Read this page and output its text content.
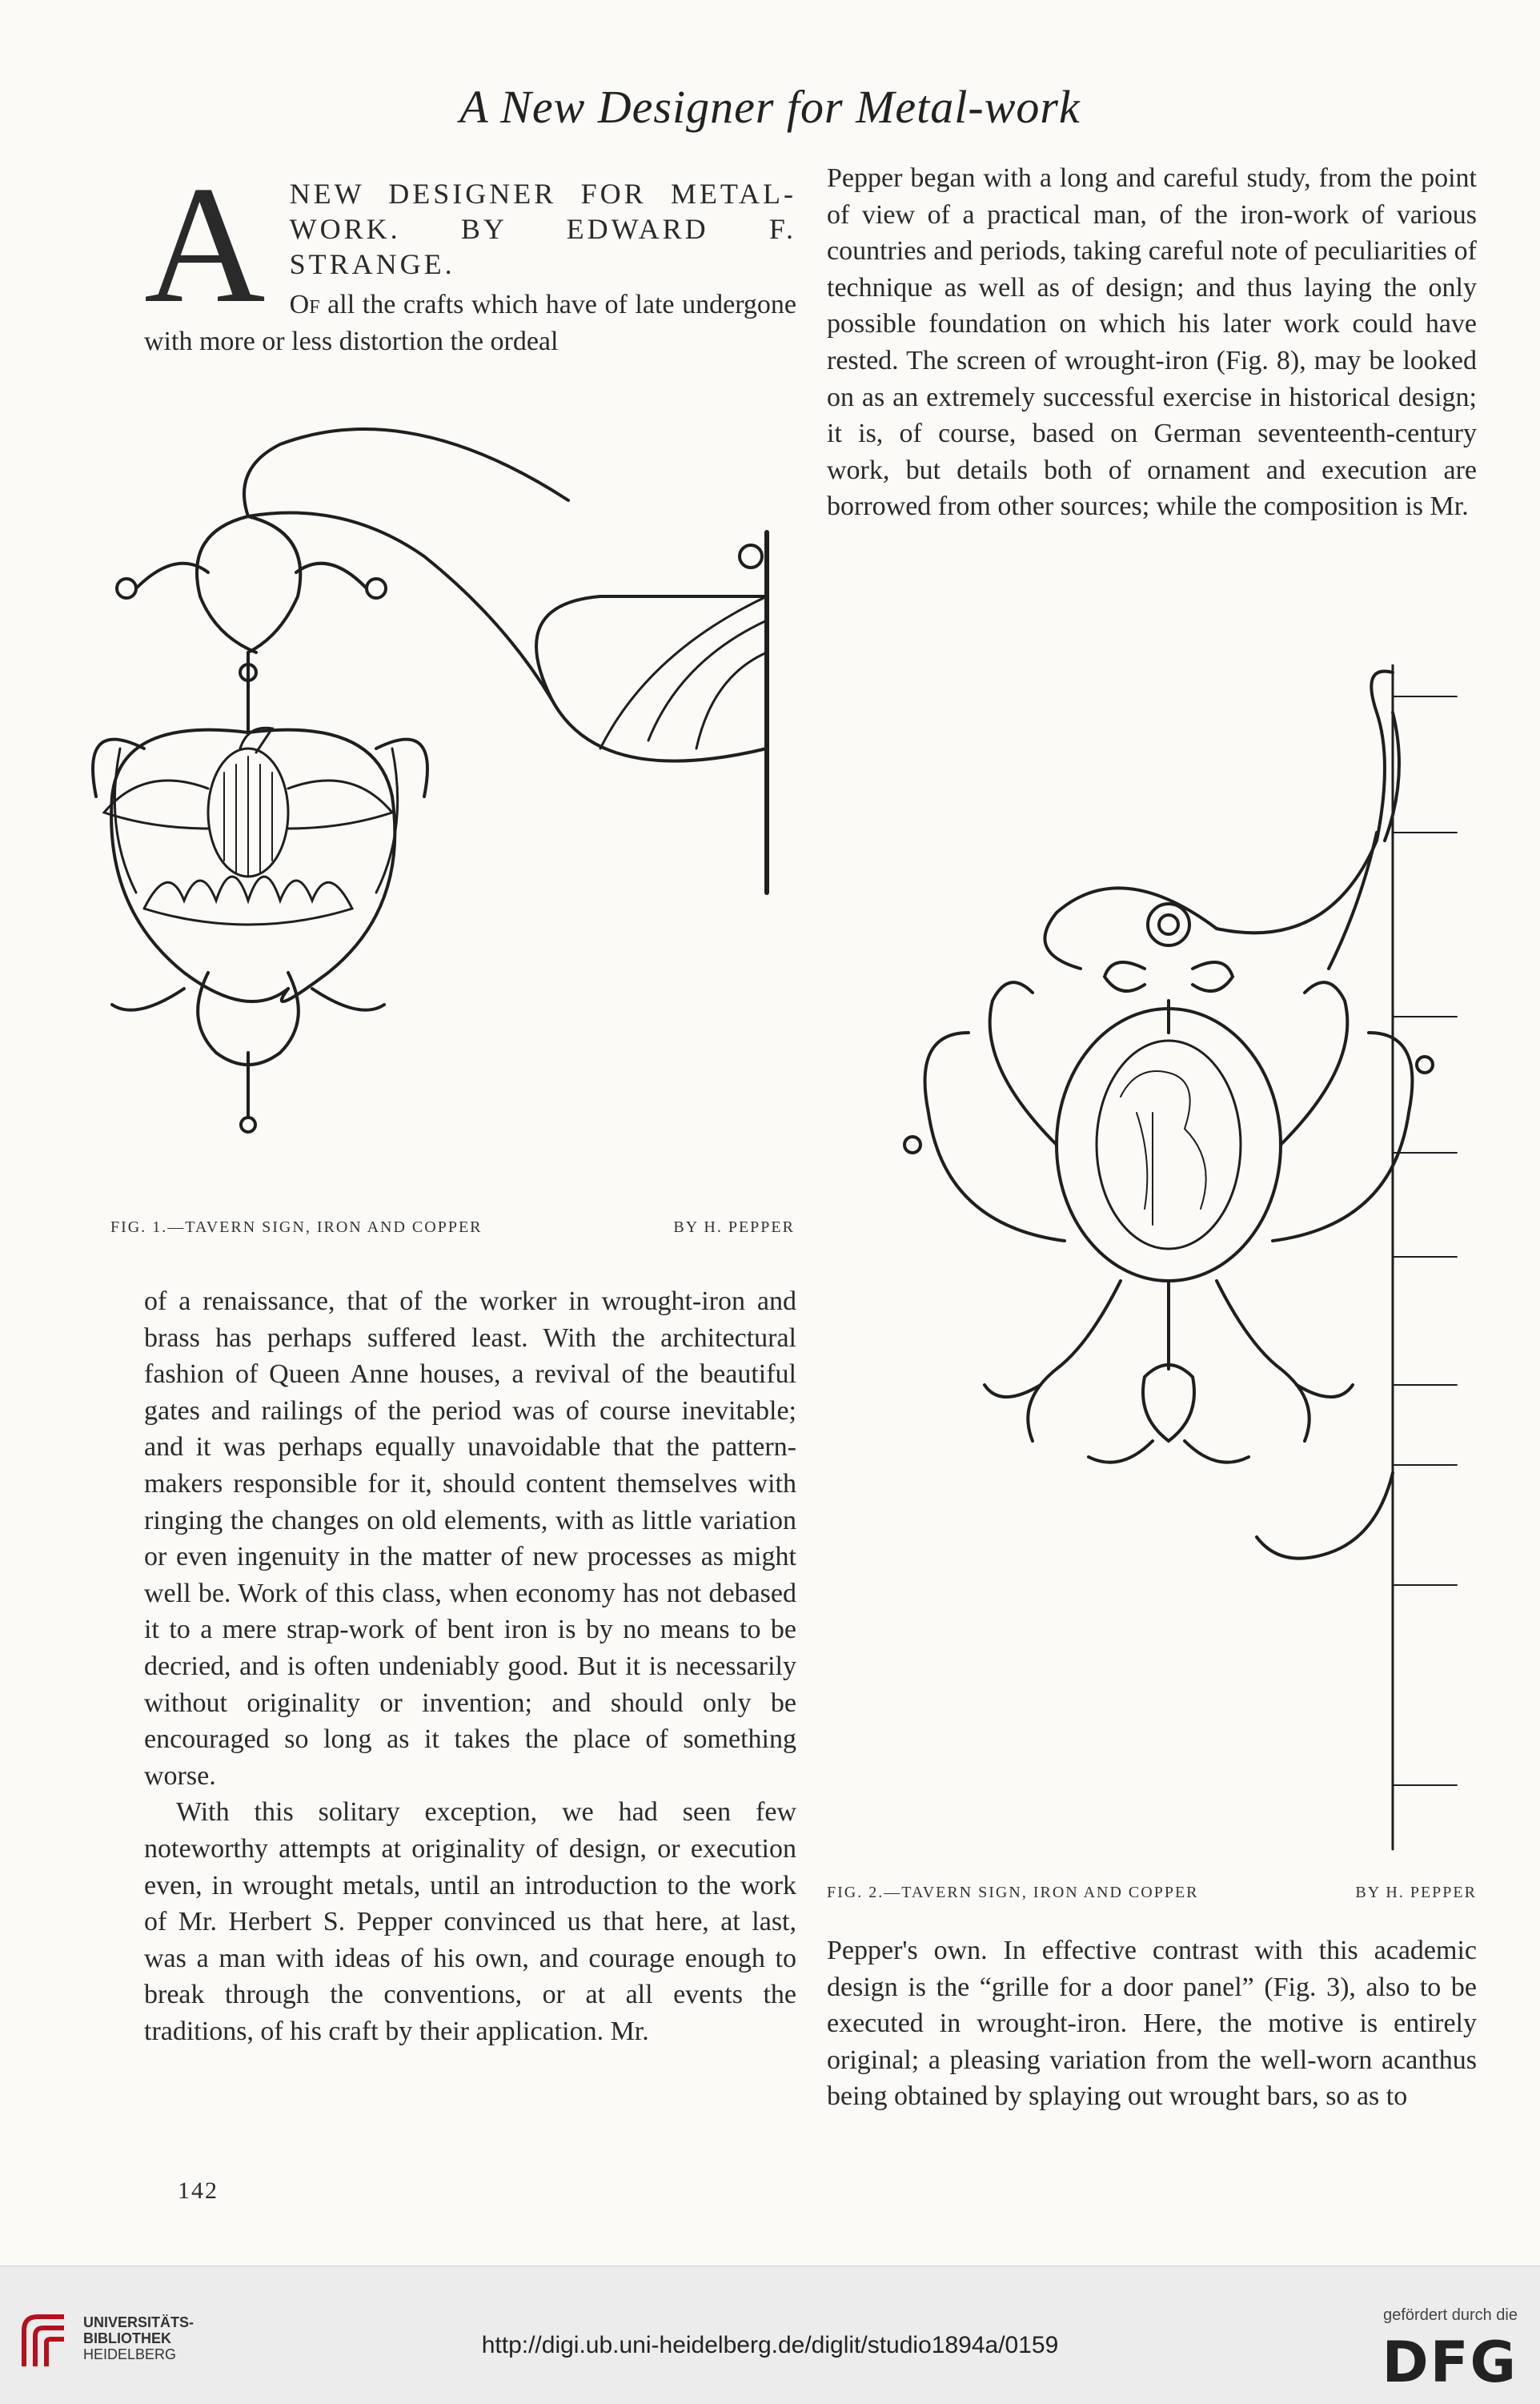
A New Designer for Metal-work
A NEW DESIGNER FOR METAL-WORK. BY EDWARD F. STRANGE.

Of all the crafts which have of late undergone with more or less distortion the ordeal

FIG. 1.—TAVERN SIGN, IRON AND COPPER	BY H. PEPPER

of a renaissance, that of the worker in wrought-iron and brass has perhaps suffered least. With the architectural fashion of Queen Anne houses, a revival of the beautiful gates and railings of the period was of course inevitable; and it was perhaps equally unavoidable that the pattern-makers responsible for it, should content themselves with ringing the changes on old elements, with as little variation or even ingenuity in the matter of new processes as might well be. Work of this class, when economy has not debased it to a mere strap-work of bent iron is by no means to be decried, and is often undeniably good. But it is necessarily without originality or invention; and should only be encouraged so long as it takes the place of something worse.

With this solitary exception, we had seen few noteworthy attempts at originality of design, or execution even, in wrought metals, until an introduction to the work of Mr. Herbert S. Pepper convinced us that here, at last, was a man with ideas of his own, and courage enough to break through the conventions, or at all events the traditions, of his craft by their application. Mr.

Pepper began with a long and careful study, from the point of view of a practical man, of the iron-work of various countries and periods, taking careful note of peculiarities of technique as well as of design; and thus laying the only possible foundation on which his later work could have rested. The screen of wrought-iron (Fig. 8), may be looked on as an extremely successful exercise in historical design; it is, of course, based on German seventeenth-century work, but details both of ornament and execution are borrowed from other sources; while the composition is Mr.

FIG. 2.—TAVERN SIGN, IRON AND COPPER	BY H. PEPPER

Pepper's own. In effective contrast with this academic design is the “grille for a door panel” (Fig. 3), also to be executed in wrought-iron. Here, the motive is entirely original; a pleasing variation from the well-worn acanthus being obtained by splaying out wrought bars, so as to

142
UNIVERSITÄTS-
BIBLIOTHEK
HEIDELBERG	http://digi.ub.uni-heidelberg.de/diglit/studio1894a/0159
gefördert durch die
DFG
